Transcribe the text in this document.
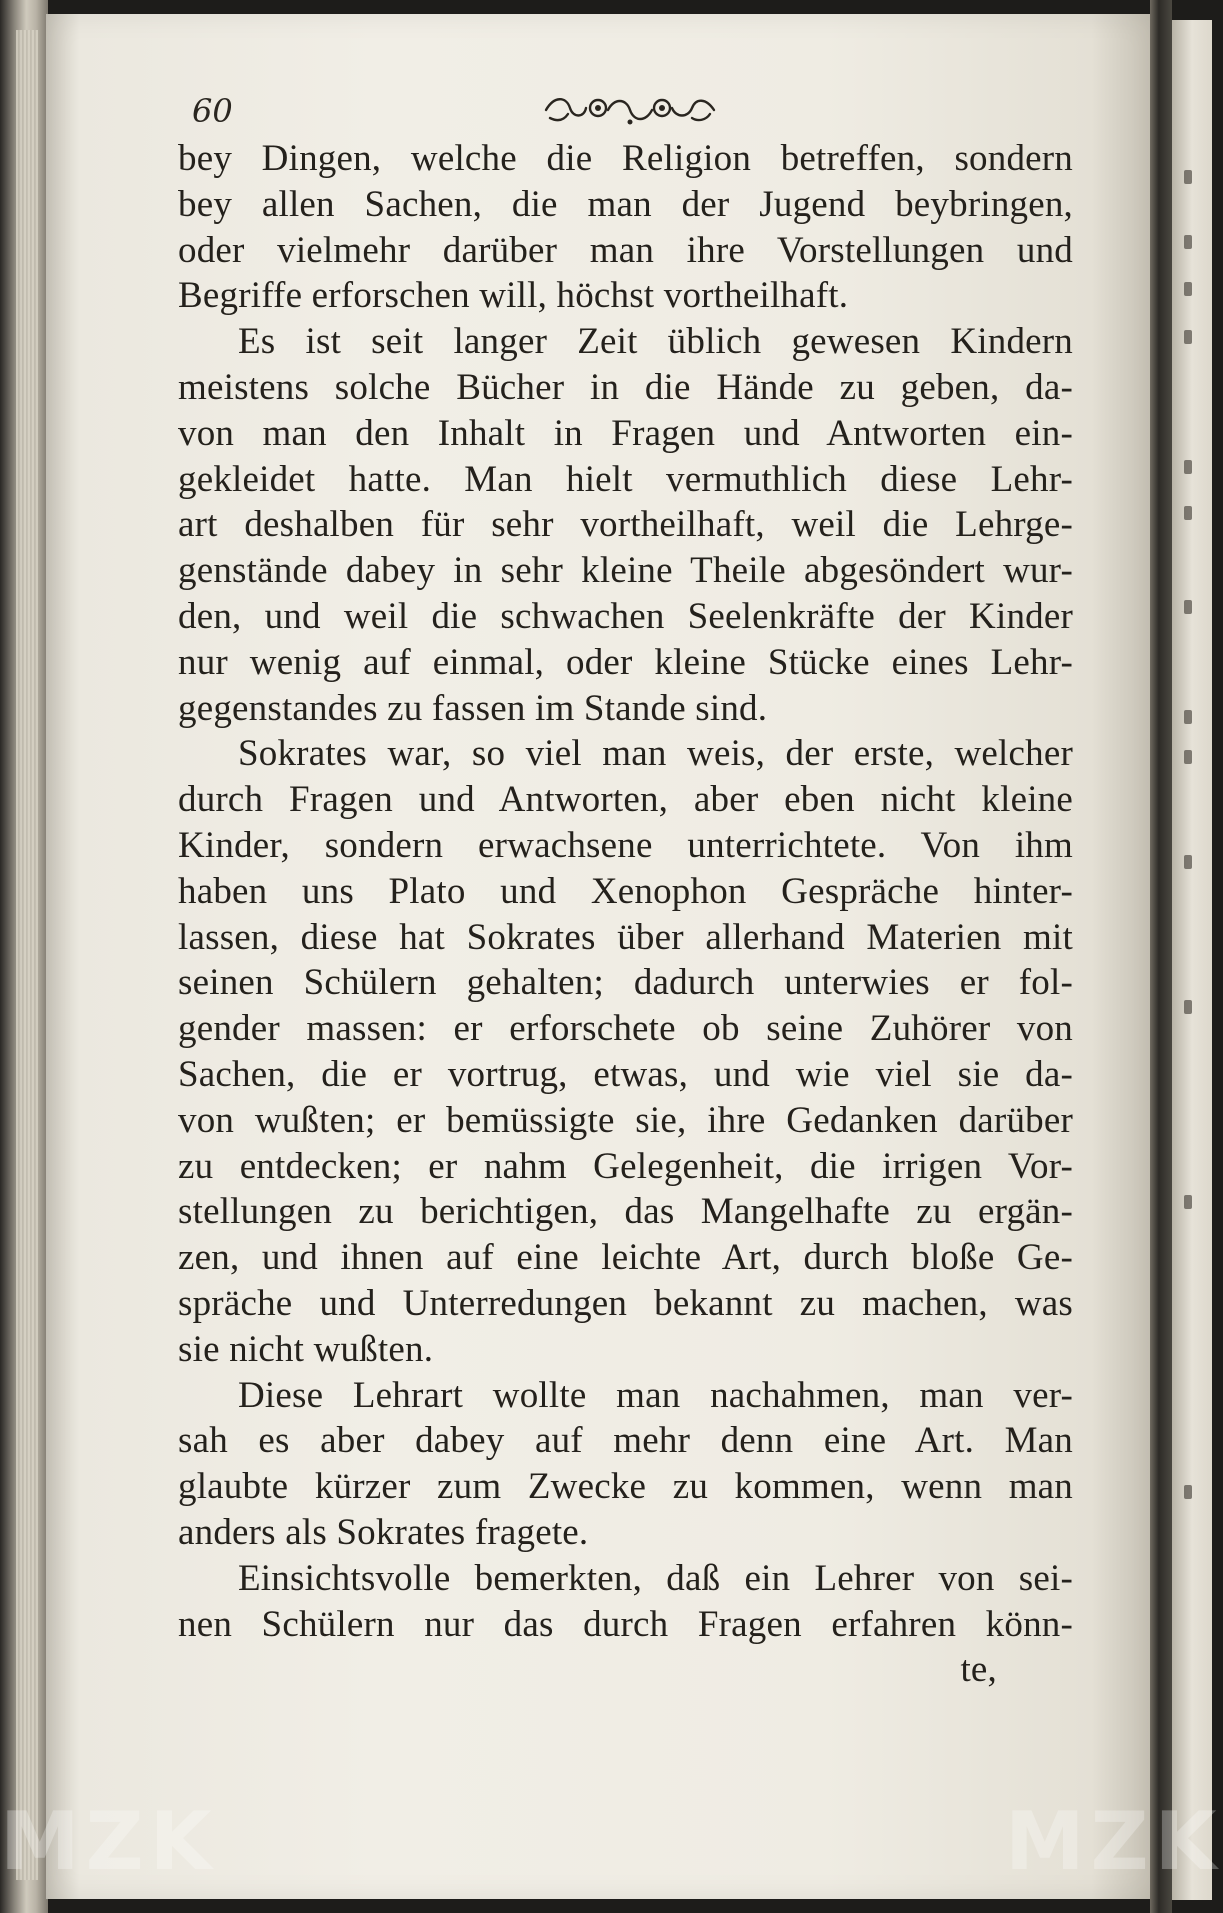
60

bey Dingen, welche die Religion betreffen, sondern

bey allen Sachen, die man der Jugend beybringen,

oder vielmehr darüber man ihre Vorstellungen und

Begriffe erforschen will, höchst vortheilhaft.

Es ist seit langer Zeit üblich gewesen Kindern

meistens solche Bücher in die Hände zu geben, da-

von man den Inhalt in Fragen und Antworten ein-

gekleidet hatte. Man hielt vermuthlich diese Lehr-

art deshalben für sehr vortheilhaft, weil die Lehrge-

genstände dabey in sehr kleine Theile abgesöndert wur-

den, und weil die schwachen Seelenkräfte der Kinder

nur wenig auf einmal, oder kleine Stücke eines Lehr-

gegenstandes zu fassen im Stande sind.

Sokrates war, so viel man weis, der erste, welcher

durch Fragen und Antworten, aber eben nicht kleine

Kinder, sondern erwachsene unterrichtete. Von ihm

haben uns Plato und Xenophon Gespräche hinter-

lassen, diese hat Sokrates über allerhand Materien mit

seinen Schülern gehalten; dadurch unterwies er fol-

gender massen: er erforschete ob seine Zuhörer von

Sachen, die er vortrug, etwas, und wie viel sie da-

von wußten; er bemüssigte sie, ihre Gedanken darüber

zu entdecken; er nahm Gelegenheit, die irrigen Vor-

stellungen zu berichtigen, das Mangelhafte zu ergän-

zen, und ihnen auf eine leichte Art, durch bloße Ge-

spräche und Unterredungen bekannt zu machen, was

sie nicht wußten.

Diese Lehrart wollte man nachahmen, man ver-

sah es aber dabey auf mehr denn eine Art. Man

glaubte kürzer zum Zwecke zu kommen, wenn man

anders als Sokrates fragete.

Einsichtsvolle bemerkten, daß ein Lehrer von sei-

nen Schülern nur das durch Fragen erfahren könn-

te,

MZK	MZK
